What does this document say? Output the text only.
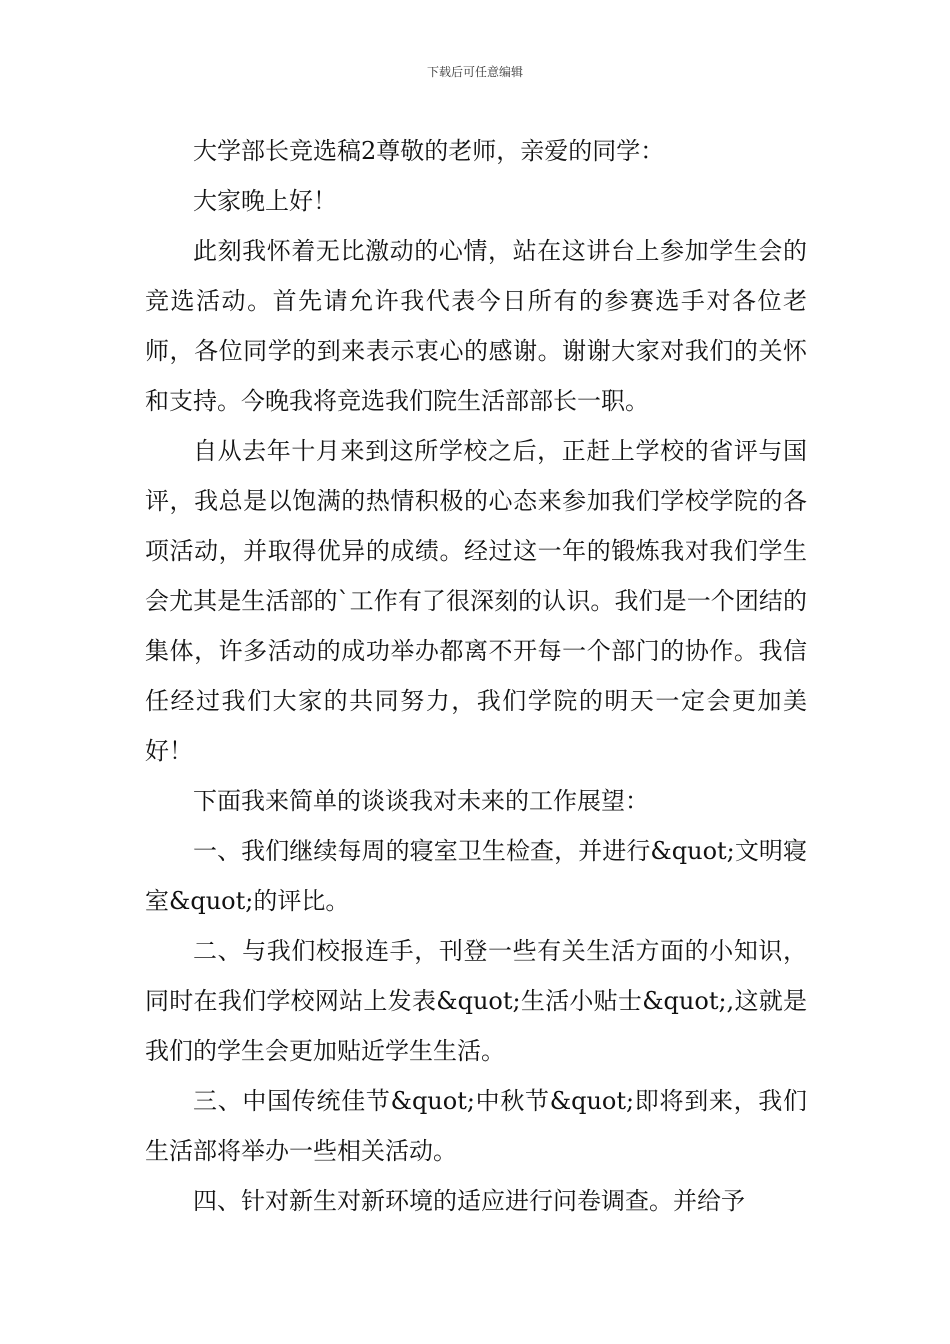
下载后可任意编辑

大学部长竞选稿2尊敬的老师，亲爱的同学：

大家晚上好！

此刻我怀着无比激动的心情，站在这讲台上参加学生会的竞选活动。首先请允许我代表今日所有的参赛选手对各位老师，各位同学的到来表示衷心的感谢。谢谢大家对我们的关怀和支持。今晚我将竞选我们院生活部部长一职。

自从去年十月来到这所学校之后，正赶上学校的省评与国评，我总是以饱满的热情积极的心态来参加我们学校学院的各项活动，并取得优异的成绩。经过这一年的锻炼我对我们学生会尤其是生活部的`工作有了很深刻的认识。我们是一个团结的集体，许多活动的成功举办都离不开每一个部门的协作。我信任经过我们大家的共同努力，我们学院的明天一定会更加美好！

下面我来简单的谈谈我对未来的工作展望：

一、我们继续每周的寝室卫生检查，并进行&quot;文明寝室&quot;的评比。

二、与我们校报连手，刊登一些有关生活方面的小知识，同时在我们学校网站上发表&quot;生活小贴士&quot;,这就是我们的学生会更加贴近学生生活。

三、中国传统佳节&quot;中秋节&quot;即将到来，我们生活部将举办一些相关活动。

四、针对新生对新环境的适应进行问卷调查。并给予
